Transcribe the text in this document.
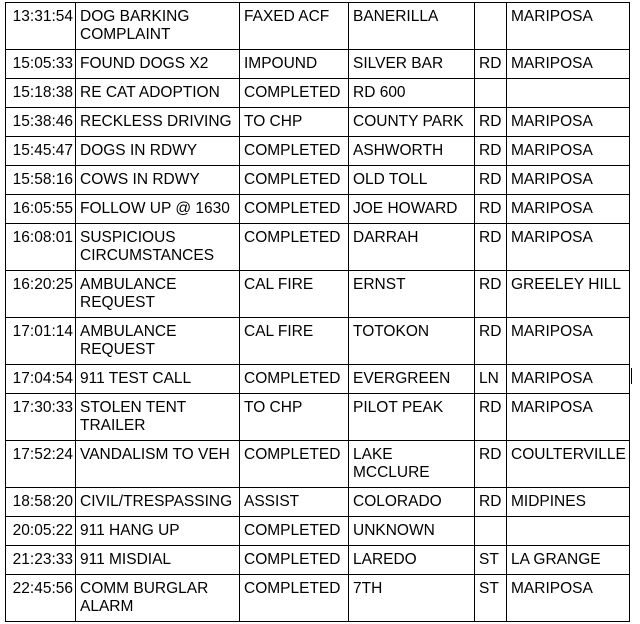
13:31:54	DOG BARKING COMPLAINT	FAXED ACF	BANERILLA		MARIPOSA
15:05:33	FOUND DOGS X2	IMPOUND	SILVER BAR	RD	MARIPOSA
15:18:38	RE CAT ADOPTION	COMPLETED	RD 600		
15:38:46	RECKLESS DRIVING	TO CHP	COUNTY PARK	RD	MARIPOSA
15:45:47	DOGS IN RDWY	COMPLETED	ASHWORTH	RD	MARIPOSA
15:58:16	COWS IN RDWY	COMPLETED	OLD TOLL	RD	MARIPOSA
16:05:55	FOLLOW UP @ 1630	COMPLETED	JOE HOWARD	RD	MARIPOSA
16:08:01	SUSPICIOUS CIRCUMSTANCES	COMPLETED	DARRAH	RD	MARIPOSA
16:20:25	AMBULANCE REQUEST	CAL FIRE	ERNST	RD	GREELEY HILL
17:01:14	AMBULANCE REQUEST	CAL FIRE	TOTOKON	RD	MARIPOSA
17:04:54	911 TEST CALL	COMPLETED	EVERGREEN	LN	MARIPOSA
17:30:33	STOLEN TENT TRAILER	TO CHP	PILOT PEAK	RD	MARIPOSA
17:52:24	VANDALISM TO VEH	COMPLETED	LAKE MCCLURE	RD	COULTERVILLE
18:58:20	CIVIL/TRESPASSING	ASSIST	COLORADO	RD	MIDPINES
20:05:22	911 HANG UP	COMPLETED	UNKNOWN		
21:23:33	911 MISDIAL	COMPLETED	LAREDO	ST	LA GRANGE
22:45:56	COMM BURGLAR ALARM	COMPLETED	7TH	ST	MARIPOSA
